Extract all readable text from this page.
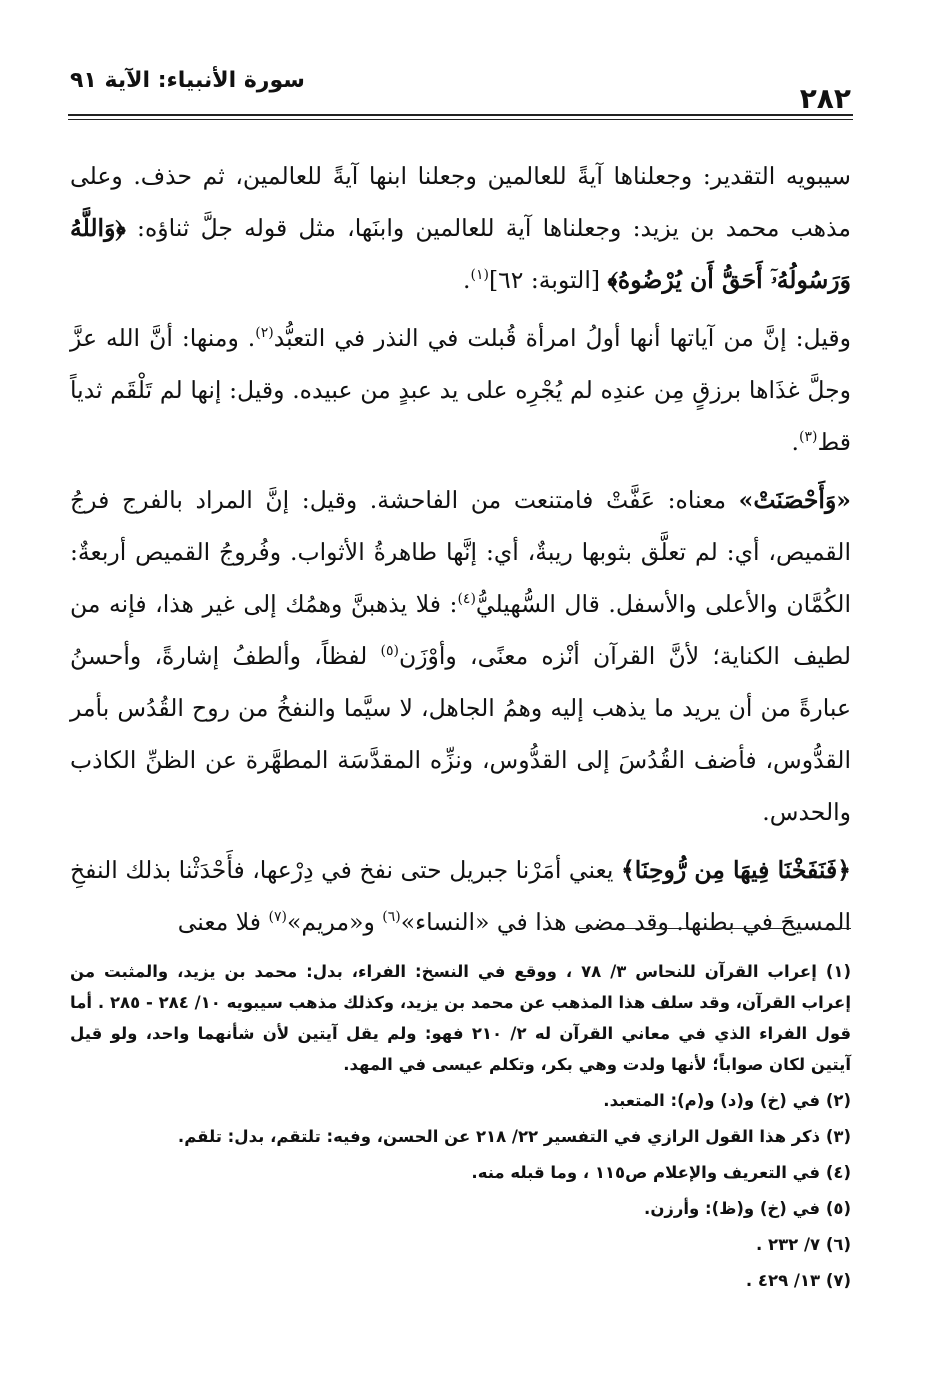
٢٨٢
سورة الأنبياء: الآية ٩١

سيبويه التقدير: وجعلناها آيةً للعالمين وجعلنا ابنها آيةً للعالمين، ثم حذف. وعلى مذهب محمد بن يزيد: وجعلناها آية للعالمين وابنَها، مثل قوله جلَّ ثناؤه: ﴿وَاللَّهُ وَرَسُولُهُۥٓ أَحَقُّ أَن يُرْضُوهُ﴾ [التوبة: ٦٢]$^{(١)}$.

وقيل: إنَّ من آياتها أنها أولُ امرأة قُبلت في النذر في التعبُّد$^{(٢)}$. ومنها: أنَّ الله عزَّ وجلَّ غذَاها برزقٍ مِن عندِه لم يُجْرِه على يد عبدٍ من عبيده. وقيل: إنها لم تَلْقَم ثدياً قط$^{(٣)}$.

«وَأَحْصَنَتْ» معناه: عَفَّتْ فامتنعت من الفاحشة. وقيل: إنَّ المراد بالفرج فرجُ القميص، أي: لم تعلَّق بثوبها ريبةٌ، أي: إنَّها طاهرةُ الأثواب. وفُروجُ القميص أربعةٌ: الكُمَّان والأعلى والأسفل. قال السُّهيليُّ$^{(٤)}$: فلا يذهبنَّ وهمُك إلى غير هذا، فإنه من لطيف الكناية؛ لأنَّ القرآن أنْزه معنًى، وأوْزَن$^{(٥)}$ لفظاً، وألطفُ إشارةً، وأحسنُ عبارةً من أن يريد ما يذهب إليه وهمُ الجاهل، لا سيَّما والنفخُ من روح القُدُس بأمر القدُّوس، فأضف القُدُسَ إلى القدُّوس، ونزِّه المقدَّسَة المطهَّرة عن الظنِّ الكاذب والحدس.

﴿فَنَفَخْنَا فِيهَا مِن رُّوحِنَا﴾ يعني أمَرْنا جبريل حتى نفخ في دِرْعها، فأَحْدَثْنا بذلك النفخِ المسيحَ في بطنها. وقد مضى هذا في «النساء»$^{(٦)}$ و«مريم»$^{(٧)}$ فلا معنى

(١) إعراب القرآن للنحاس ٣/ ٧٨ ، ووقع في النسخ: الفراء، بدل: محمد بن يزيد، والمثبت من إعراب القرآن، وقد سلف هذا المذهب عن محمد بن يزيد، وكذلك مذهب سيبويه ١٠/ ٢٨٤ - ٢٨٥ . أما قول الفراء الذي في معاني القرآن له ٢/ ٢١٠ فهو: ولم يقل آيتين لأن شأنهما واحد، ولو قيل آيتين لكان صواباً؛ لأنها ولدت وهي بكر، وتكلم عيسى في المهد.
(٢) في (خ) و(د) و(م): المتعبد.
(٣) ذكر هذا القول الرازي في التفسير ٢٢/ ٢١٨ عن الحسن، وفيه: تلتقم، بدل: تلقم.
(٤) في التعريف والإعلام ص١١٥ ، وما قبله منه.
(٥) في (خ) و(ظ): وأرزن.
(٦) ٧/ ٢٣٢ .
(٧) ١٣/ ٤٢٩ .
